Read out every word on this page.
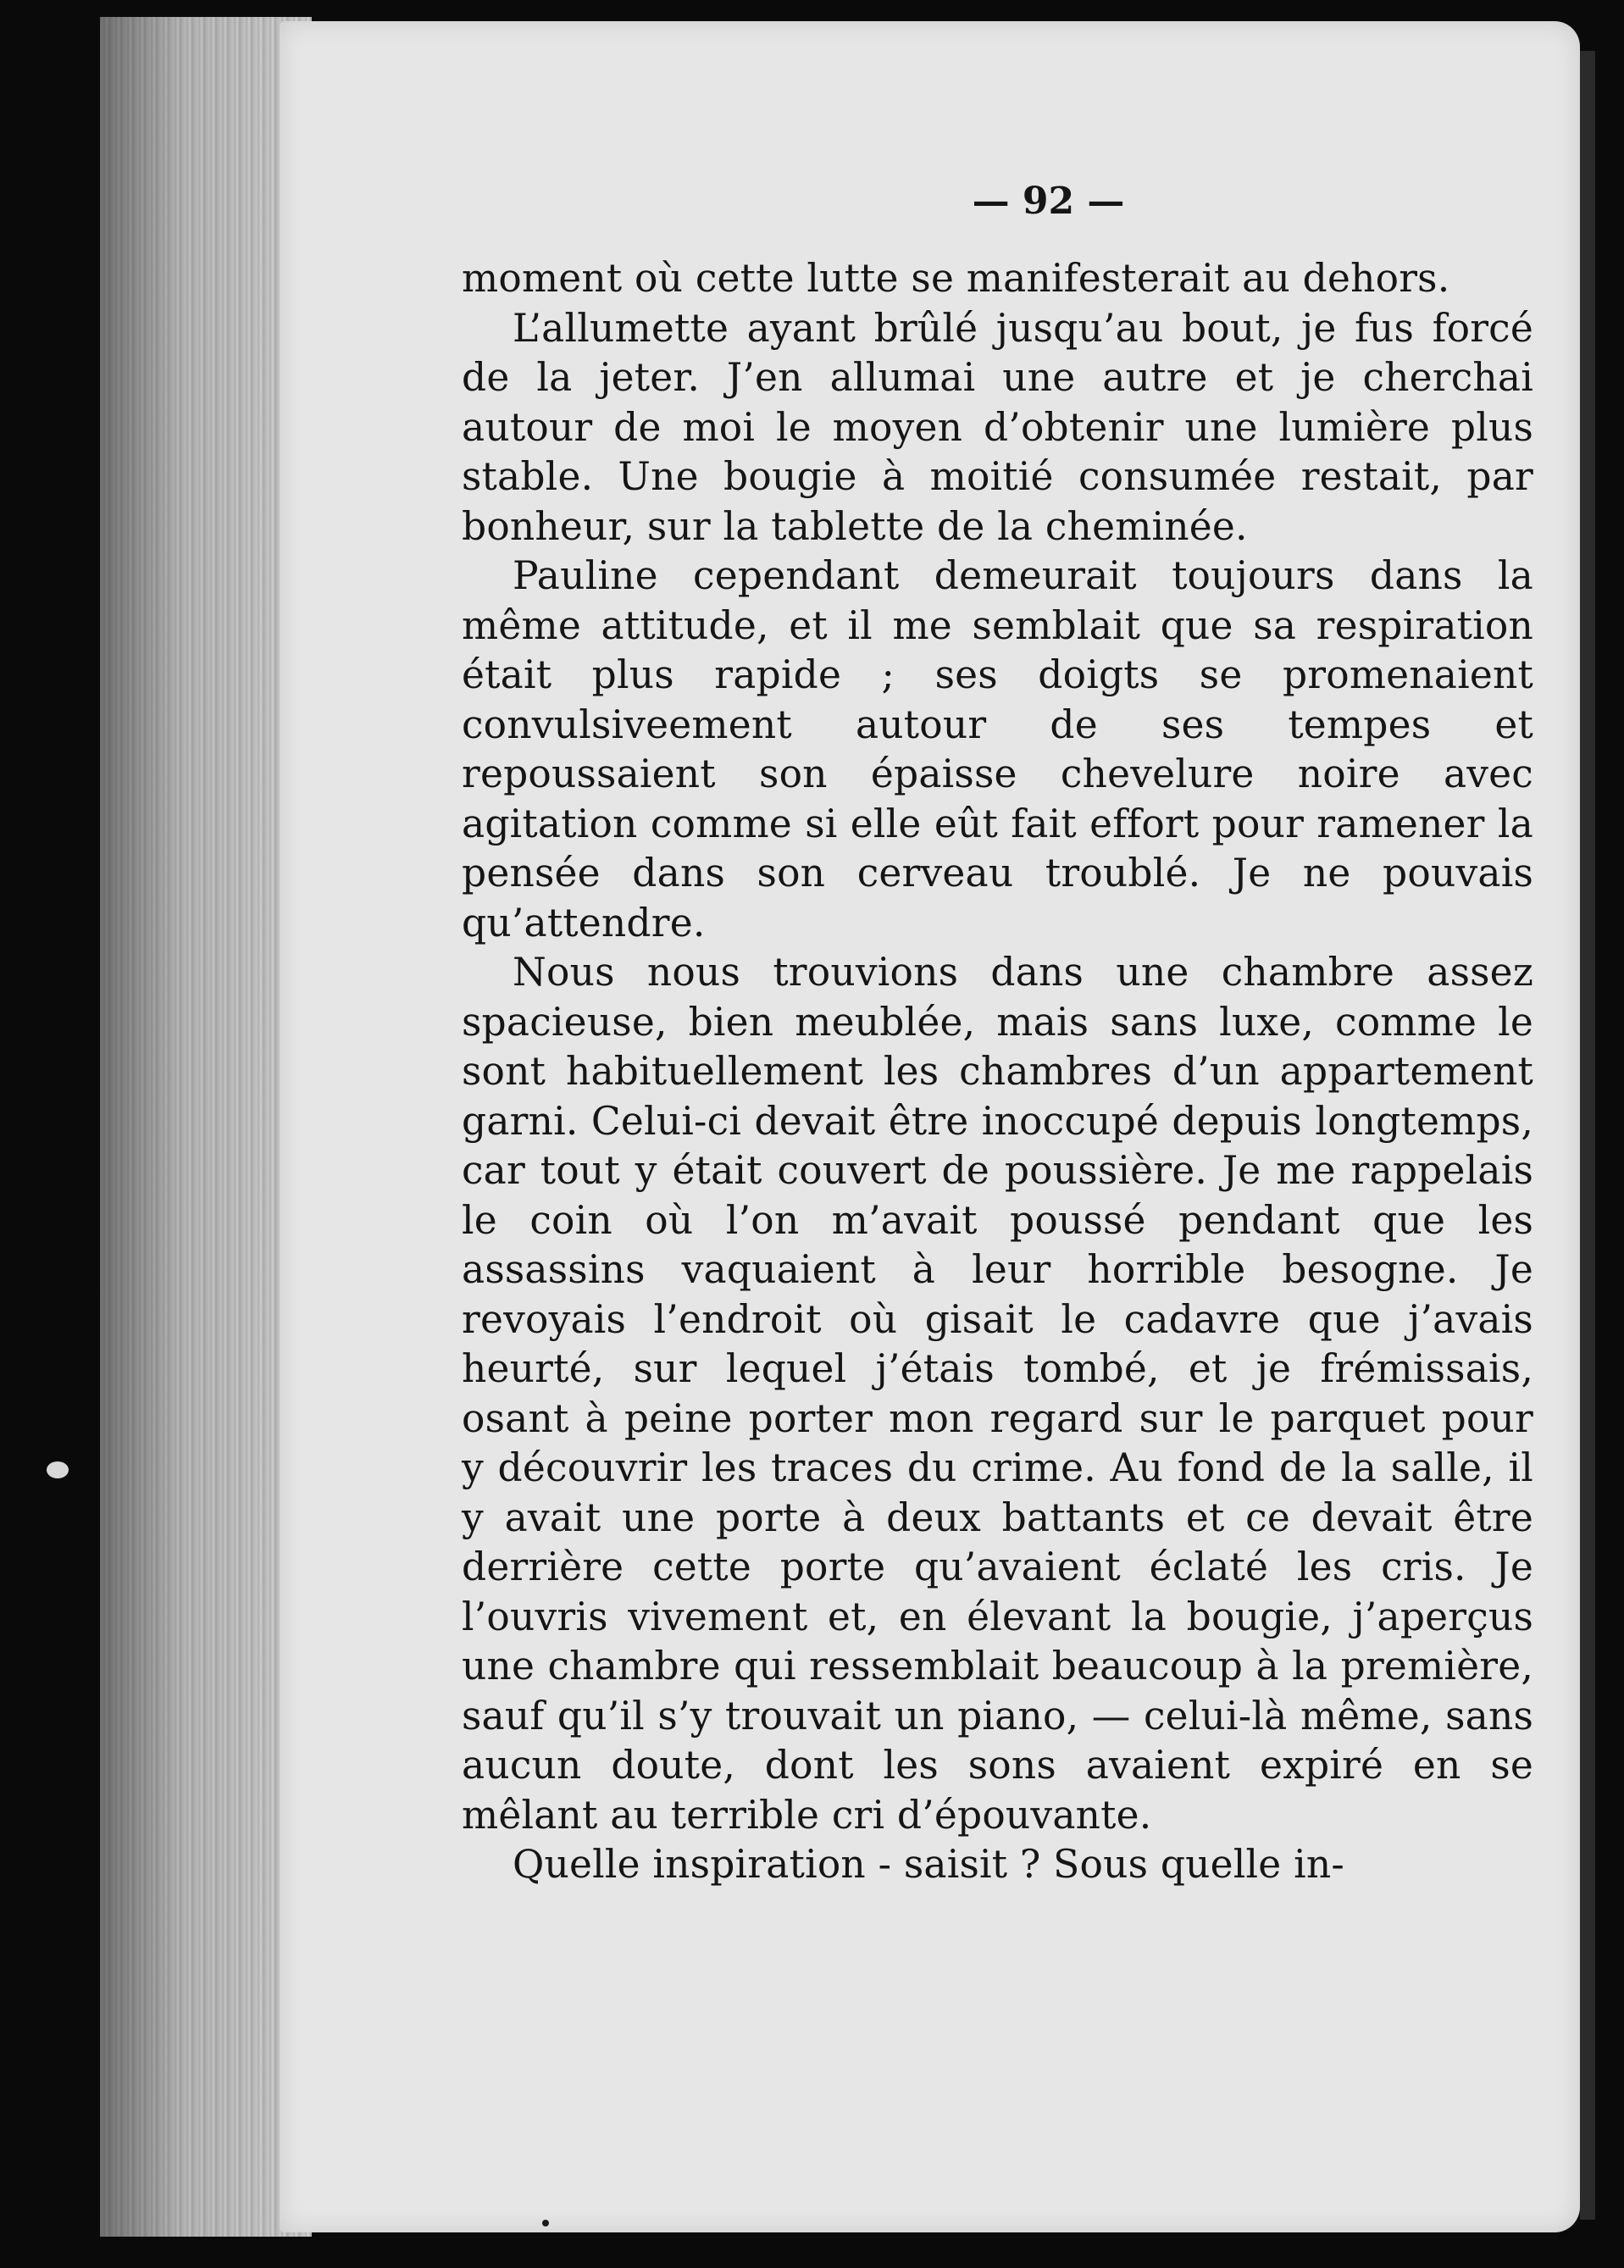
— 92 —

moment où cette lutte se manifesterait au dehors.

L’allumette ayant brûlé jusqu’au bout, je fus forcé de la jeter. J’en allumai une autre et je cherchai autour de moi le moyen d’obtenir une lumière plus stable. Une bougie à moitié consumée restait, par bonheur, sur la tablette de la cheminée.

Pauline cependant demeurait toujours dans la même attitude, et il me semblait que sa respiration était plus rapide ; ses doigts se promenaient convulsiveement autour de ses tempes et repoussaient son épaisse chevelure noire avec agitation comme si elle eût fait effort pour ramener la pensée dans son cerveau troublé. Je ne pouvais qu’attendre.

Nous nous trouvions dans une chambre assez spacieuse, bien meublée, mais sans luxe, comme le sont habituellement les chambres d’un appartement garni. Celui-ci devait être inoccupé depuis longtemps, car tout y était couvert de poussière. Je me rappelais le coin où l’on m’avait poussé pendant que les assassins vaquaient à leur horrible besogne. Je revoyais l’endroit où gisait le cadavre que j’avais heurté, sur lequel j’étais tombé, et je frémissais, osant à peine porter mon regard sur le parquet pour y découvrir les traces du crime. Au fond de la salle, il y avait une porte à deux battants et ce devait être derrière cette porte qu’avaient éclaté les cris. Je l’ouvris vivement et, en élevant la bougie, j’aperçus une chambre qui ressemblait beaucoup à la première, sauf qu’il s’y trouvait un piano, — celui-là même, sans aucun doute, dont les sons avaient expiré en se mêlant au terrible cri d’épouvante.

Quelle inspiration - saisit ? Sous quelle in-
